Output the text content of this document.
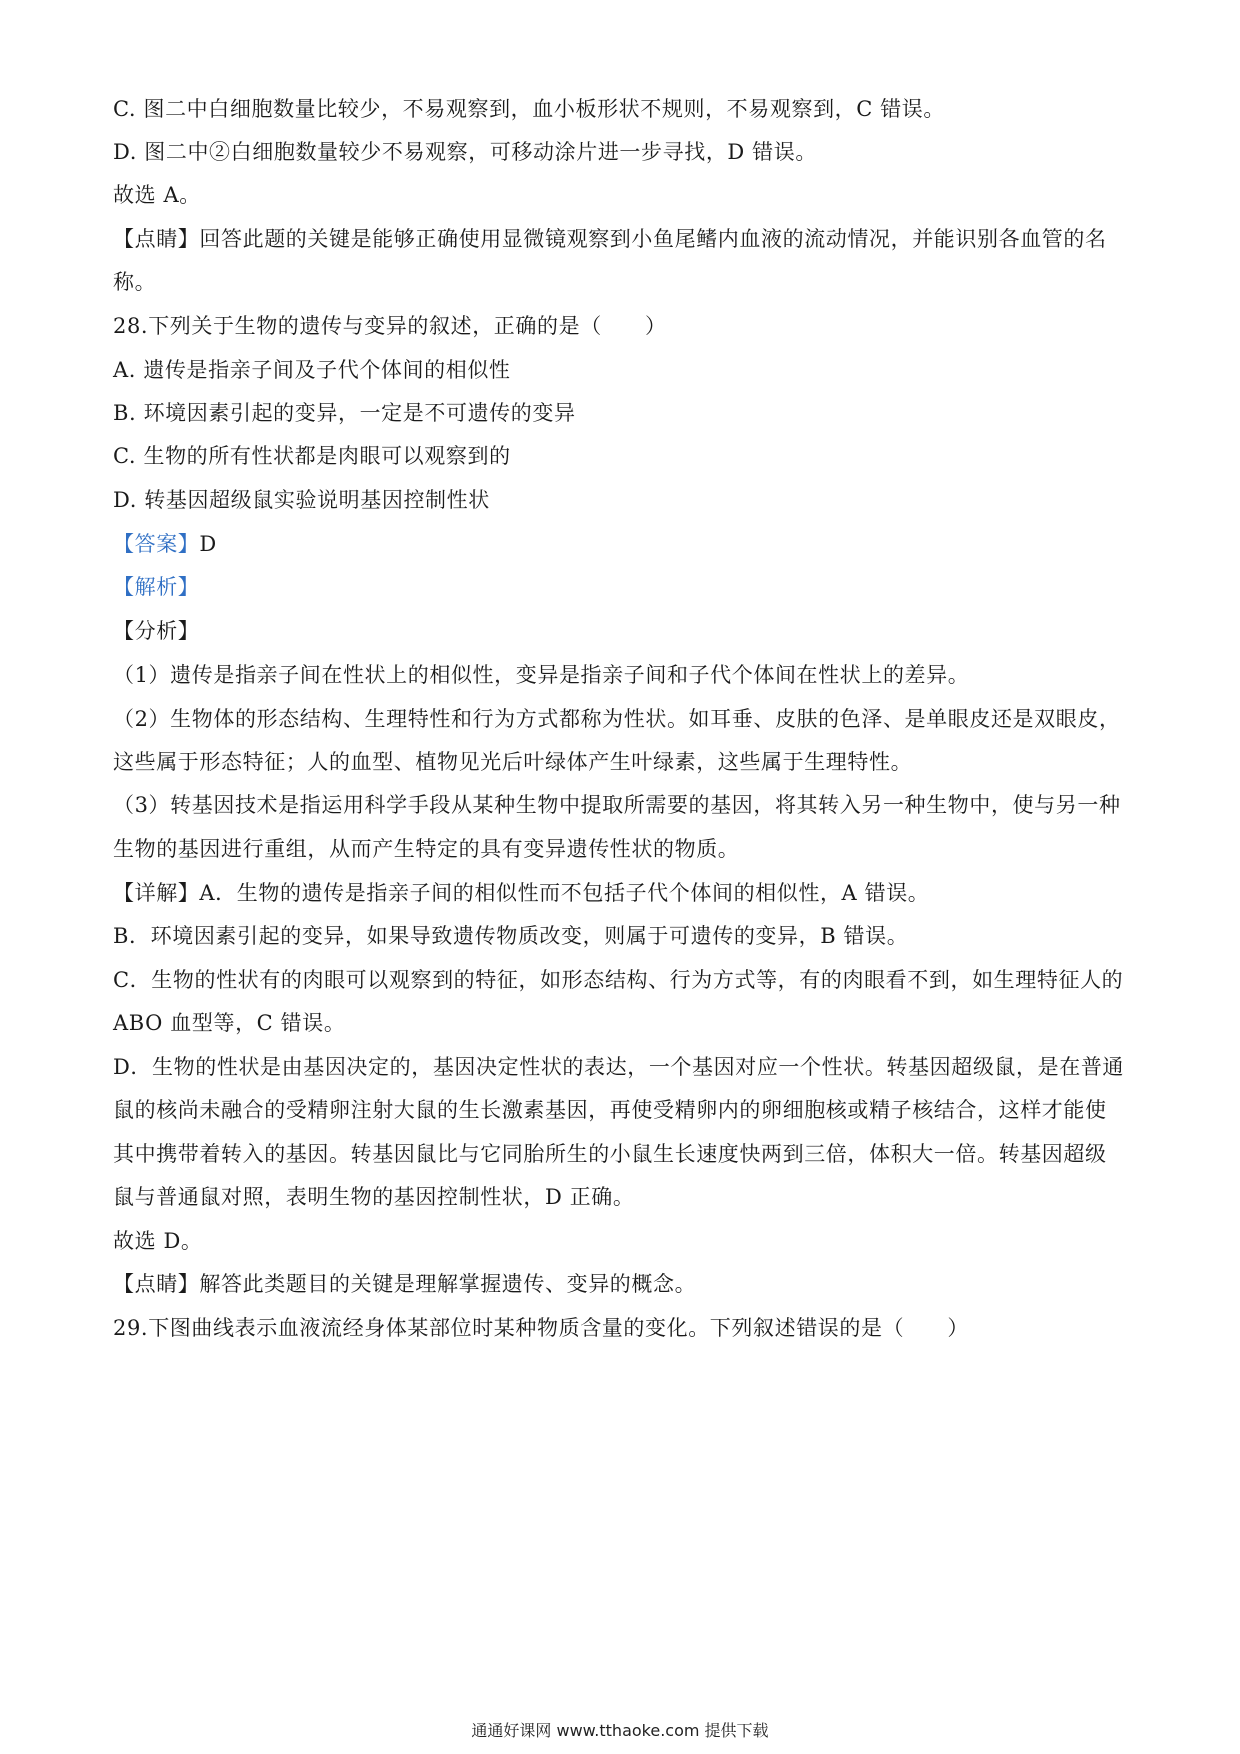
C. 图二中白细胞数量比较少，不易观察到，血小板形状不规则，不易观察到，C 错误。
D. 图二中②白细胞数量较少不易观察，可移动涂片进一步寻找，D 错误。
故选 A。
【点睛】回答此题的关键是能够正确使用显微镜观察到小鱼尾鳍内血液的流动情况，并能识别各血管的名
称。
28.下列关于生物的遗传与变异的叙述，正确的是（　　）
A. 遗传是指亲子间及子代个体间的相似性
B. 环境因素引起的变异，一定是不可遗传的变异
C. 生物的所有性状都是肉眼可以观察到的
D. 转基因超级鼠实验说明基因控制性状
【答案】D
【解析】
【分析】
（1）遗传是指亲子间在性状上的相似性，变异是指亲子间和子代个体间在性状上的差异。
（2）生物体的形态结构、生理特性和行为方式都称为性状。如耳垂、皮肤的色泽、是单眼皮还是双眼皮，
这些属于形态特征；人的血型、植物见光后叶绿体产生叶绿素，这些属于生理特性。
（3）转基因技术是指运用科学手段从某种生物中提取所需要的基因，将其转入另一种生物中，使与另一种
生物的基因进行重组，从而产生特定的具有变异遗传性状的物质。
【详解】A．生物的遗传是指亲子间的相似性而不包括子代个体间的相似性，A 错误。
B．环境因素引起的变异，如果导致遗传物质改变，则属于可遗传的变异，B 错误。
C．生物的性状有的肉眼可以观察到的特征，如形态结构、行为方式等，有的肉眼看不到，如生理特征人的
ABO 血型等，C 错误。
D．生物的性状是由基因决定的，基因决定性状的表达，一个基因对应一个性状。转基因超级鼠，是在普通
鼠的核尚未融合的受精卵注射大鼠的生长激素基因，再使受精卵内的卵细胞核或精子核结合，这样才能使
其中携带着转入的基因。转基因鼠比与它同胎所生的小鼠生长速度快两到三倍，体积大一倍。转基因超级
鼠与普通鼠对照，表明生物的基因控制性状，D 正确。
故选 D。
【点睛】解答此类题目的关键是理解掌握遗传、变异的概念。
29.下图曲线表示血液流经身体某部位时某种物质含量的变化。下列叙述错误的是（　　）
通通好课网 www.tthaoke.com 提供下载
